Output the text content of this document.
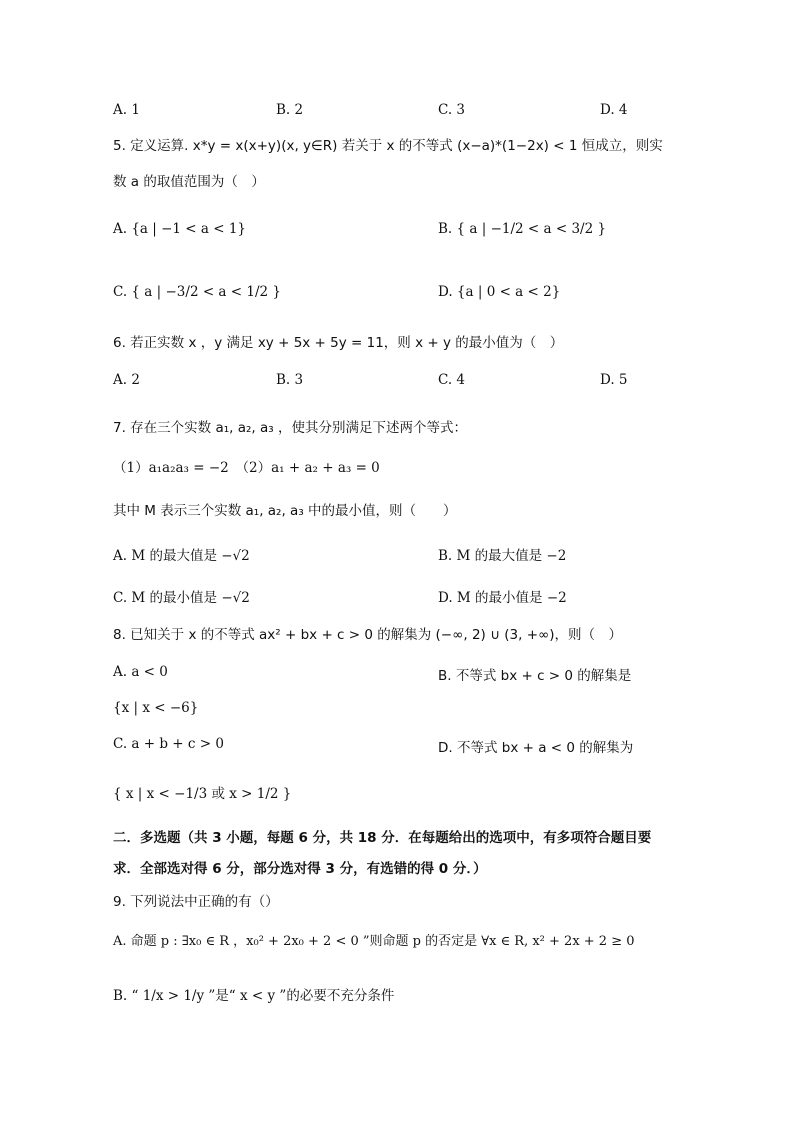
A. 1	B. 2	C. 3	D. 4
5. 定义运算. x*y = x(x+y)(x, y∈R) 若关于 x 的不等式 (x−a)*(1−2x) < 1 恒成立，则实
数 a 的取值范围为（　）
A. {a | −1 < a < 1}	B. { a | −1/2 < a < 3/2 }
C. { a | −3/2 < a < 1/2 }	D. {a | 0 < a < 2}
6. 若正实数 x ，y 满足 xy + 5x + 5y = 11，则 x + y 的最小值为（　）
A. 2	B. 3	C. 4	D. 5
7. 存在三个实数 a₁, a₂, a₃ ，使其分别满足下述两个等式：
（1）a₁a₂a₃ = −2　（2）a₁ + a₂ + a₃ = 0
其中 M 表示三个实数 a₁, a₂, a₃ 中的最小值，则（　　）
A. M 的最大值是 −√2	B. M 的最大值是 −2
C. M 的最小值是 −√2	D. M 的最小值是 −2
8. 已知关于 x 的不等式 ax² + bx + c > 0 的解集为 (−∞, 2) ∪ (3, +∞)，则（　）
A. a < 0	B. 不等式 bx + c > 0 的解集是
{x | x < −6}
C. a + b + c > 0	D. 不等式 bx + a < 0 的解集为
{ x | x < −1/3 或 x > 1/2 }
二．多选题（共 3 小题，每题 6 分，共 18 分．在每题给出的选项中，有多项符合题目要
求．全部选对得 6 分，部分选对得 3 分，有选错的得 0 分．）
9. 下列说法中正确的有（）
A. 命题 p : ∃x₀ ∈ R ，x₀² + 2x₀ + 2 < 0 ”则命题 p 的否定是 ∀x ∈ R, x² + 2x + 2 ≥ 0
B. “ 1/x > 1/y ”是“ x < y ”的必要不充分条件
